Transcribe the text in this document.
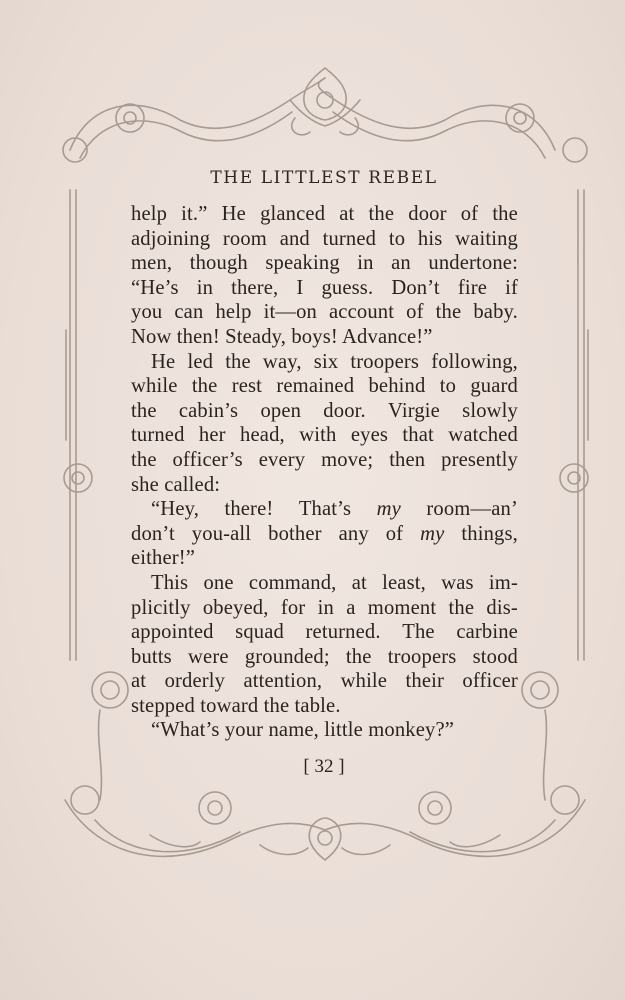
THE LITTLEST REBEL
help it.” He glanced at the door of the
adjoining room and turned to his waiting
men, though speaking in an undertone:
“He’s in there, I guess. Don’t fire if
you can help it—on account of the baby.
Now then! Steady, boys! Advance!”
He led the way, six troopers following,
while the rest remained behind to guard
the cabin’s open door. Virgie slowly
turned her head, with eyes that watched
the officer’s every move; then presently
she called:
“Hey, there! That’s my room—an’
don’t you-all bother any of my things,
either!”
This one command, at least, was im-
plicitly obeyed, for in a moment the dis-
appointed squad returned. The carbine
butts were grounded; the troopers stood
at orderly attention, while their officer
stepped toward the table.
“What’s your name, little monkey?”
[ 32 ]
